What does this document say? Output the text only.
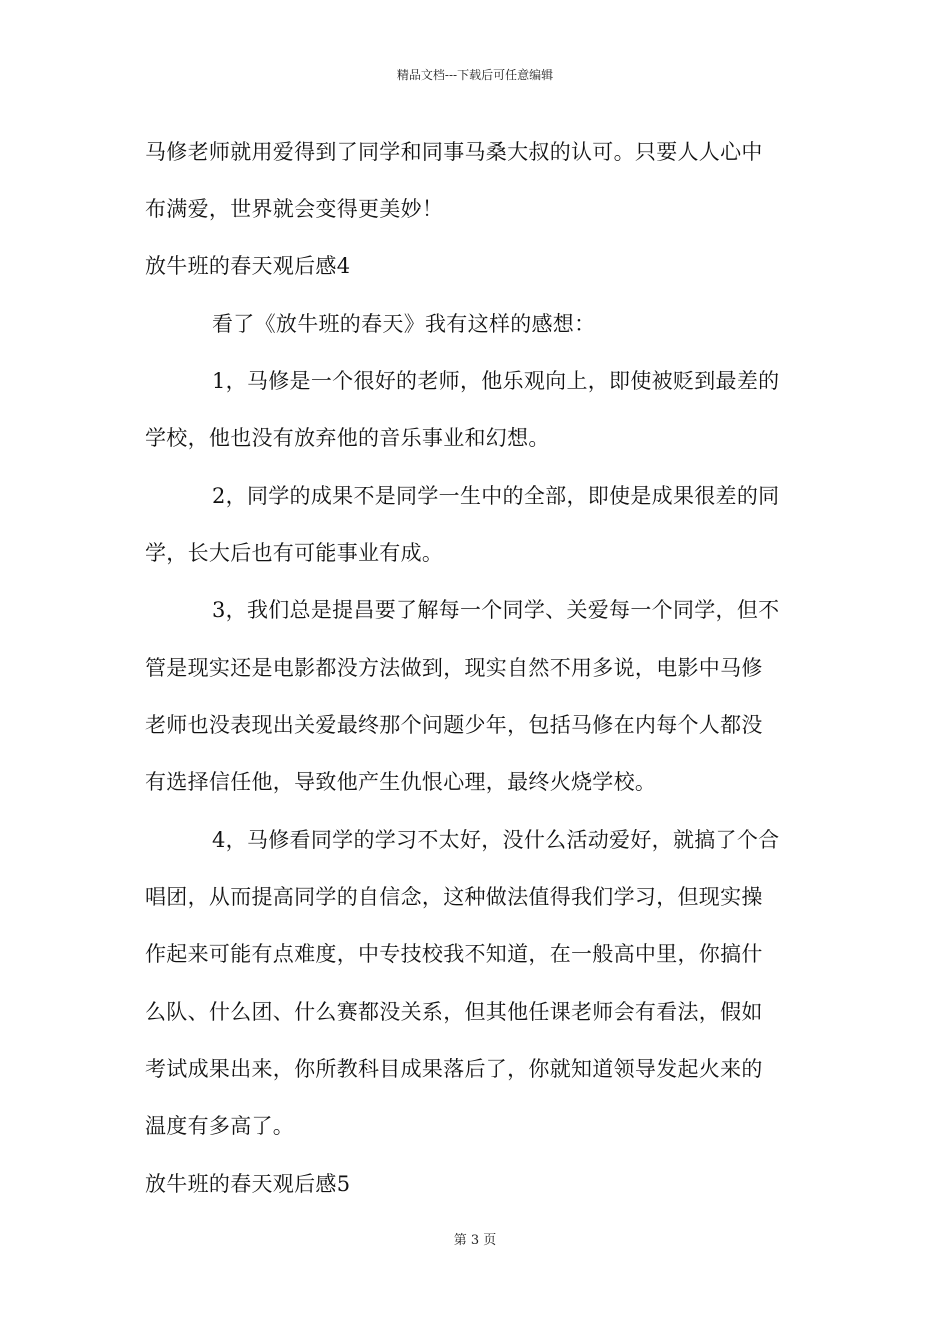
精品文档---下载后可任意编辑
马修老师就用爱得到了同学和同事马桑大叔的认可。只要人人心中
布满爱，世界就会变得更美妙！
放牛班的春天观后感4
看了《放牛班的春天》我有这样的感想：
1，马修是一个很好的老师，他乐观向上，即使被贬到最差的
学校，他也没有放弃他的音乐事业和幻想。
2，同学的成果不是同学一生中的全部，即使是成果很差的同
学，长大后也有可能事业有成。
3，我们总是提昌要了解每一个同学、关爱每一个同学，但不
管是现实还是电影都没方法做到，现实自然不用多说，电影中马修
老师也没表现出关爱最终那个问题少年，包括马修在内每个人都没
有选择信任他，导致他产生仇恨心理，最终火烧学校。
4，马修看同学的学习不太好，没什么活动爱好，就搞了个合
唱团，从而提高同学的自信念，这种做法值得我们学习，但现实操
作起来可能有点难度，中专技校我不知道，在一般高中里，你搞什
么队、什么团、什么赛都没关系，但其他任课老师会有看法，假如
考试成果出来，你所教科目成果落后了，你就知道领导发起火来的
温度有多高了。
放牛班的春天观后感5
第 3 页
